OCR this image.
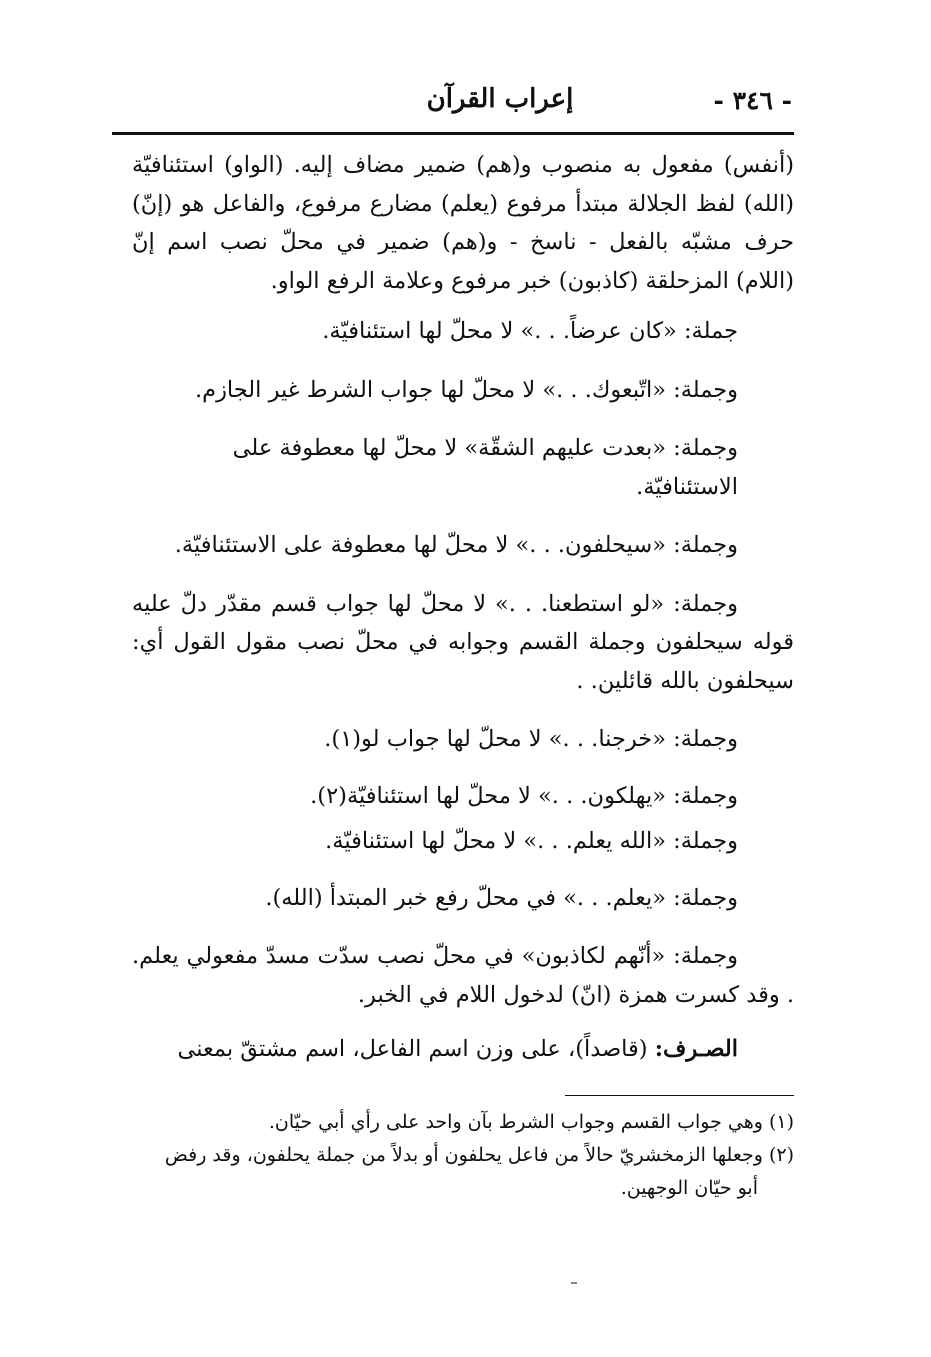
- ٣٤٦ -
إعراب القرآن

(أنفس) مفعول به منصوب و(هم) ضمير مضاف إليه. (الواو) استئنافيّة (الله) لفظ الجلالة مبتدأ مرفوع (يعلم) مضارع مرفوع، والفاعل هو (إنّ) حرف مشبّه بالفعل - ناسخ - و(هم) ضمير في محلّ نصب اسم إنّ (اللام) المزحلقة (كاذبون) خبر مرفوع وعلامة الرفع الواو.

جملة: «كان عرضاً. . .» لا محلّ لها استئنافيّة.

وجملة: «اتّبعوك. . .» لا محلّ لها جواب الشرط غير الجازم.

وجملة: «بعدت عليهم الشقّة» لا محلّ لها معطوفة على الاستئنافيّة.

وجملة: «سيحلفون. . .» لا محلّ لها معطوفة على الاستئنافيّة.

وجملة: «لو استطعنا. . .» لا محلّ لها جواب قسم مقدّر دلّ عليه قوله سيحلفون وجملة القسم وجوابه في محلّ نصب مقول القول أي: سيحلفون بالله قائلين. .

وجملة: «خرجنا. . .» لا محلّ لها جواب لو(١).

وجملة: «يهلكون. . .» لا محلّ لها استئنافيّة(٢).

وجملة: «الله يعلم. . .» لا محلّ لها استئنافيّة.

وجملة: «يعلم. . .» في محلّ رفع خبر المبتدأ (الله).

وجملة: «أنّهم لكاذبون» في محلّ نصب سدّت مسدّ مفعولي يعلم. . وقد كسرت همزة (انّ) لدخول اللام في الخبر.

الصـرف: (قاصداً)، على وزن اسم الفاعل، اسم مشتقّ بمعنى

(١) وهي جواب القسم وجواب الشرط بآن واحد على رأي أبي حيّان.

(٢) وجعلها الزمخشريّ حالاً من فاعل يحلفون أو بدلاً من جملة يحلفون، وقد رفض

أبو حيّان الوجهين.
